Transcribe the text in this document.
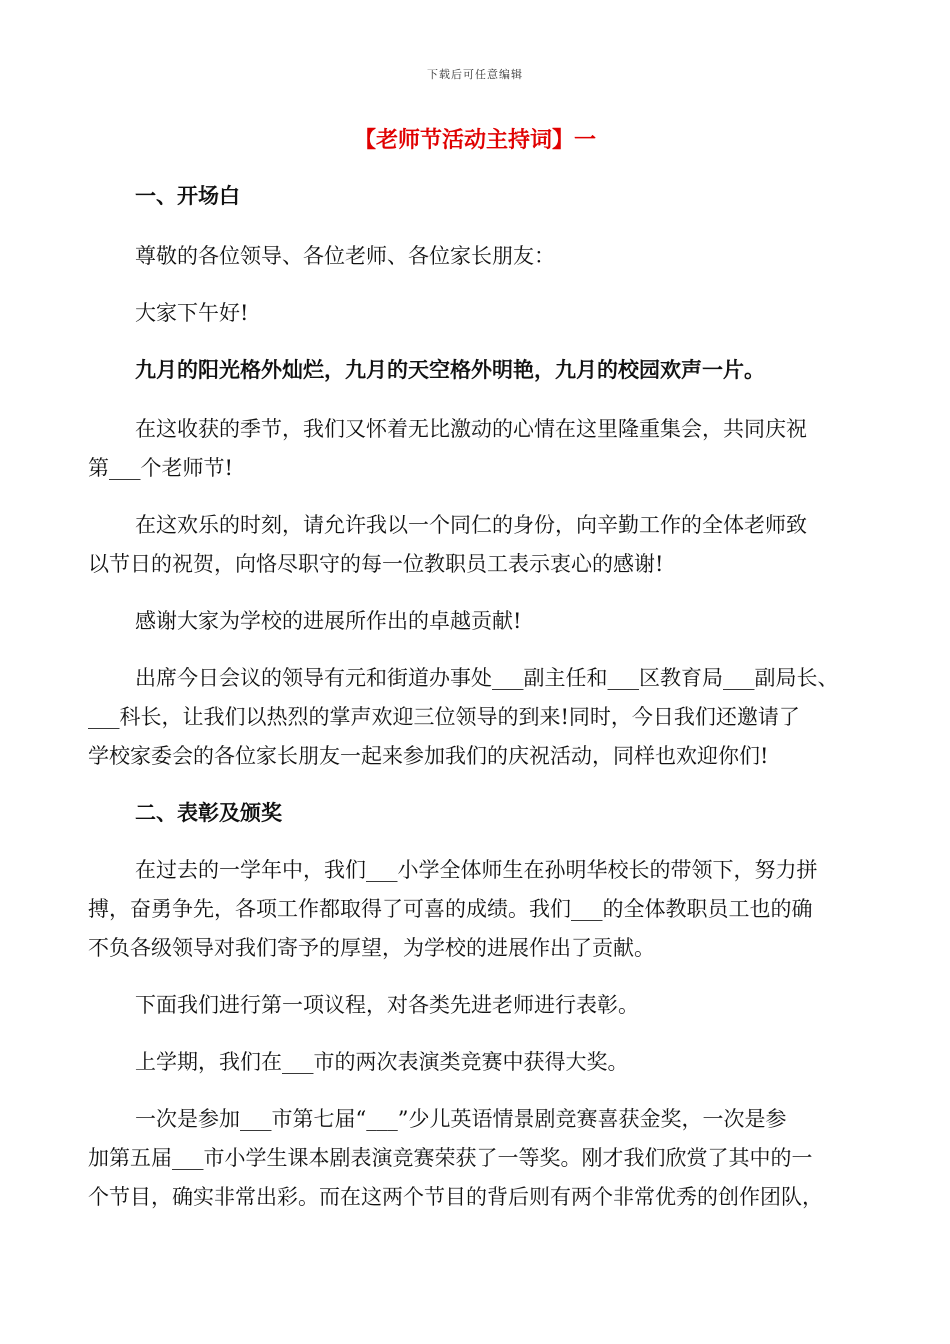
下载后可任意编辑
【老师节活动主持词】一
一、开场白
尊敬的各位领导、各位老师、各位家长朋友：
大家下午好!
九月的阳光格外灿烂，九月的天空格外明艳，九月的校园欢声一片。
在这收获的季节，我们又怀着无比激动的心情在这里隆重集会，共同庆祝
第___个老师节!
在这欢乐的时刻，请允许我以一个同仁的身份，向辛勤工作的全体老师致
以节日的祝贺，向恪尽职守的每一位教职员工表示衷心的感谢!
感谢大家为学校的进展所作出的卓越贡献!
出席今日会议的领导有元和街道办事处___副主任和___区教育局___副局长、
___科长，让我们以热烈的掌声欢迎三位领导的到来!同时，今日我们还邀请了
学校家委会的各位家长朋友一起来参加我们的庆祝活动，同样也欢迎你们!
二、表彰及颁奖
在过去的一学年中，我们___小学全体师生在孙明华校长的带领下，努力拼
搏，奋勇争先，各项工作都取得了可喜的成绩。我们___的全体教职员工也的确
不负各级领导对我们寄予的厚望，为学校的进展作出了贡献。
下面我们进行第一项议程，对各类先进老师进行表彰。
上学期，我们在___市的两次表演类竞赛中获得大奖。
一次是参加___市第七届“___”少儿英语情景剧竞赛喜获金奖，一次是参
加第五届___市小学生课本剧表演竞赛荣获了一等奖。刚才我们欣赏了其中的一
个节目，确实非常出彩。而在这两个节目的背后则有两个非常优秀的创作团队，
